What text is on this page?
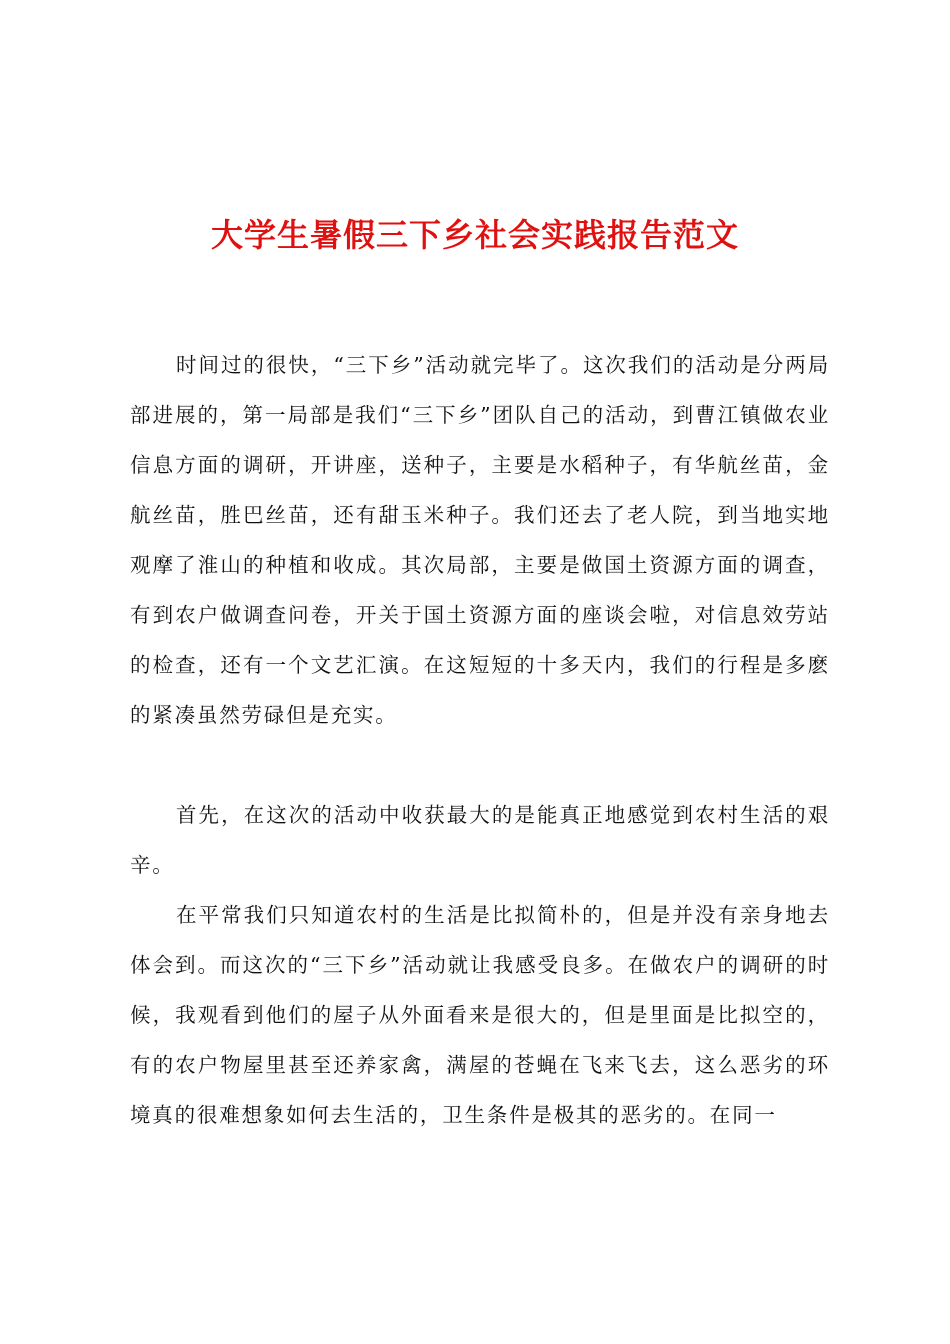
大学生暑假三下乡社会实践报告范文

时间过的很快，“三下乡”活动就完毕了。这次我们的活动是分两局部进展的，第一局部是我们“三下乡”团队自己的活动，到曹江镇做农业信息方面的调研，开讲座，送种子，主要是水稻种子，有华航丝苗，金航丝苗，胜巴丝苗，还有甜玉米种子。我们还去了老人院，到当地实地观摩了淮山的种植和收成。其次局部，主要是做国土资源方面的调查，有到农户做调查问卷，开关于国土资源方面的座谈会啦，对信息效劳站的检查，还有一个文艺汇演。在这短短的十多天内，我们的行程是多麽的紧凑虽然劳碌但是充实。

首先，在这次的活动中收获最大的是能真正地感觉到农村生活的艰辛。

在平常我们只知道农村的生活是比拟简朴的，但是并没有亲身地去体会到。而这次的“三下乡”活动就让我感受良多。在做农户的调研的时候，我观看到他们的屋子从外面看来是很大的，但是里面是比拟空的，有的农户物屋里甚至还养家禽，满屋的苍蝇在飞来飞去，这么恶劣的环境真的很难想象如何去生活的，卫生条件是极其的恶劣的。在同一
